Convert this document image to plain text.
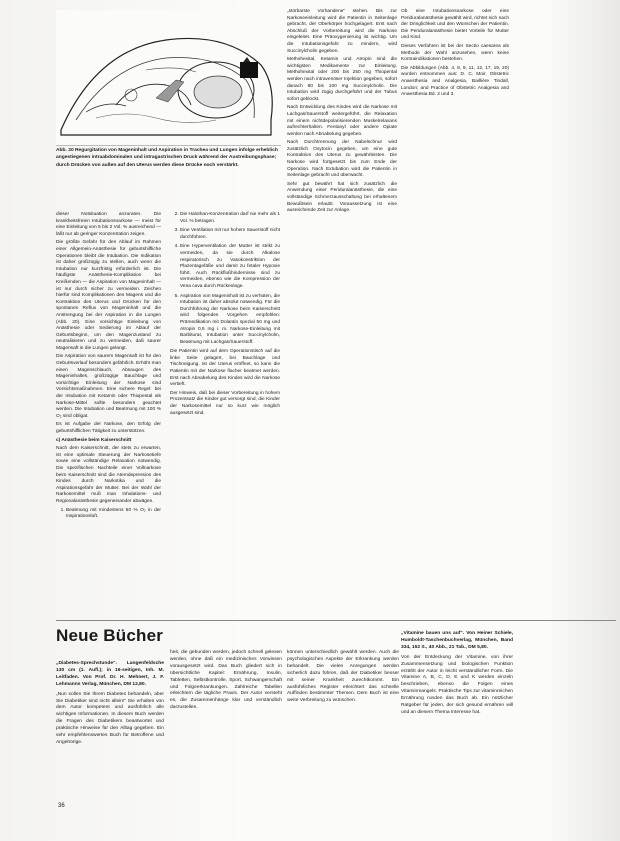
Abb. 20 Regurgitation von Mageninhalt und Aspiration in Trachea und Lungen infolge erheblich angestiegenen intraabdominalen und intragastrischen Druck während der Austreibungsphase; durch Drücken von außen auf den Uterus werden diese Drücke noch verstärkt.

dieser Notsituation anzuraten. Die krankheitsfreien Intubationsnarkose — meist für eine Einleitung von 5 bis 2 Vol. % ausreichend — läßt nur ab geringer Konzentration zeigen.

Die größte Gefahr für den Ablauf im Rahmen einer Allgemein-Anästhesie für geburtshilfliche Operationen bleibt die Intubation. Die Indikation ist daher großzügig zu stellen, auch wenn die Intubation nur kurzfristig erforderlich ist. Die häufigste Anästhesie-Komplikation bei Kreißenden — die Aspiration von Mageninhalt — ist nur durch sicher zu vermeiden. Zeichen hierfür sind Komplikationen des Magens und die Kontraktion des Uterus und Drücken für den spontanen Reflux von Mageninhalt und die Anstrengung bei der Aspiration in die Lungen (Abb. 20). Eine vorsichtige Einleitung von Anästhesie oder Sedierung im Ablauf der Geburtsbeginn, um den Magenzustand zu neutralisieren und zu vermeiden, daß saurer Magensaft in die Lungen gelangt.

Die Aspiration von saurem Magensaft ist für den Geburtsverlauf besonders gefährlich. Erhöht man einen Magenschlauch, Absaugen des Mageninhaltes, großzügige Bauchlage und vorsichtige Einleitung der Narkose sind Vorsichtsmaßnahmen. Eine sichere Regel: bei der Intubation mit Ketamin oder Thiopental als Narkose-Mittel sollte besonders geachtet werden. Die Intubation und Beatmung mit 100 % O₂ sind obligat.

Es ist Aufgabe der Narkose, den Erfolg der geburtshilflichen Tätigkeit zu unterstützen.

c) Anästhesie beim Kaiserschnitt

Nach dem Kaiserschnitt, der stets zu erwarten, ist eine optimale Steuerung der Narkosetiefe sowie eine vollständige Relaxation notwendig. Die spezifischen Nachteile einer Vollnarkose beim Kaiserschnitt sind die Atemdepression des Kindes durch Narkotika und die Aspirationsgefahr der Mutter. Bei der Wahl der Narkosemittel muß man Inhalations- und Regionalanästhesie gegeneinander abwägen.

1. Beatmung mit mindestens 50 % O₂ in der Inspirationsluft.
2. Die Halothan-Konzentration darf nie mehr als 1 Vol. % betragen.
3. Eine Ventilation mit nur hohem Sauerstoff nicht durchführen.
4. Eine Hyperventilation der Mutter ist strikt zu vermeiden, da sie durch Alkalose respiratorisch zu Vasokonstriktion der Plazentagefäße und damit zu fetaler Hypoxie führt. Auch Rückflußhindernisse sind zu vermeiden, ebenso wie die Kompression der Vena cava durch Rückenlage.
5. Aspiration von Mageninhalt ist zu verhüten, die Intubation ist daher absolut notwendig. Für die Durchführung der Narkose beim Kaiserschnitt wird folgendes Vorgehen empfohlen: Prämedikation mit Dolantin spezial 50 mg und Atropin 0,5 mg i. m. Narkose-Einleitung mit Barbiturat, Intubation unter Succinylcholin, Beatmung mit Lachgas/Sauerstoff.

Die Patientin wird auf dem Operationstisch auf die linke Seite gelagert, bei Bauchlage und Tischneigung. Ist der Uterus eröffnet, so kann die Patientin mit der Narkose flacher beatmet werden. Erst nach Abnabelung des Kindes wird die Narkose vertieft.

Der Hinweis, daß bei dieser Vorbereitung in hohem Prozentsatz die Kinder gut versorgt sind, die Kinder der Narkosemittel nur so kurz wie möglich ausgesetzt sind.

„störbarste Vorhandene“ stehen. Bis zur Narkoseeinleitung wird die Patientin in Seitenlage gebracht, der Oberkörper hochgelagert. Erst nach Abschluß der Vorbereitung wird die Narkose eingeleitet. Eine Präoxygenierung ist wichtig. Um die Intubationsgefahr zu mindern, wird Succinylcholin gegeben.

Methohexital, Ketamin und Atropin sind die wichtigsten Medikamente zur Einleitung. Methohexital oder 200 bis 250 mg Thiopental werden nach intravenöser Injektion gegeben, sofort danach 80 bis 100 mg Succinylcholin. Die Intubation wird zügig durchgeführt und der Tubus sofort geblockt.

Nach Entwicklung des Kindes wird die Narkose mit Lachgas/Sauerstoff weitergeführt, die Relaxation mit einem nichtdepolarisierenden Muskelrelaxans aufrechterhalten. Fentanyl oder andere Opiate werden nach Abnabelung gegeben.

Nach Durchtrennung der Nabelschnur wird zusätzlich Oxytocin gegeben, um eine gute Kontraktion des Uterus zu gewährleisten. Die Narkose wird fortgesetzt bis zum Ende der Operation. Nach Extubation wird die Patientin in Seitenlage gebracht und überwacht.

Sehr gut bewährt hat sich zusätzlich die Anwendung einer Periduralanästhesie, die eine vollständige Schmerzausschaltung bei erhaltenem Bewußtsein erlaubt. Voraussetzung ist eine ausreichende Zeit zur Anlage.

Ob eine Intubationsnarkose oder eine Periduralanästhesie gewählt wird, richtet sich nach der Dringlichkeit und den Wünschen der Patientin. Die Periduralanästhesie bietet Vorteile für Mutter und Kind.

Dieses Verfahren ist bei der Sectio caesarea als Methode der Wahl anzusehen, wenn keine Kontraindikationen bestehen.

Die Abbildungen (Abb. 4, 8, 9, 11, 12, 17, 19, 20) wurden entnommen aus: D. C. Moir, Obstetric Anaesthesia and Analgesia, Baillière Tindall, London; and Practice of Obstetric Analgesia and Anaesthesia Bd. 2 und 3.

Neue Bücher
„Diabetes-Sprechstunde“. Langenfeldsche 130 cm (1. Aufl.); in 16-seitigen, Inh. M. Leitfaden. Von Prof. Dr. H. Mehnert, J. F. Lehmanns Verlag, München, DM 12,80.
„Nun sollen Sie Ihrem Diabetes behandeln, aber Sie Diabetiker sind nicht allein!“ Sie erhalten von dem Autor kompetent und ausführlich alle wichtigen Informationen. In diesem Buch werden die Fragen des Diabetikers beantwortet und praktische Hinweise für den Alltag gegeben. Ein sehr empfehlenswertes Buch für Betroffene und Angehörige.
heit, die gebunden werden, jedoch schnell gelesen werden, ohne daß ein medizinisches Vorwissen vorausgesetzt wird. Das Buch gliedert sich in übersichtliche Kapitel: Ernährung, Insulin, Tabletten, Selbstkontrolle, Sport, Schwangerschaft und Folgeerkrankungen. Zahlreiche Tabellen erleichtern die tägliche Praxis. Der Autor versteht es, die Zusammenhänge klar und verständlich darzustellen.
können unterschiedlich gewählt werden. Auch die psychologischen Aspekte der Erkrankung werden behandelt. Die vielen Anregungen werden sicherlich dazu führen, daß der Diabetiker besser mit seiner Krankheit zurechtkommt. Ein ausführliches Register erleichtert das schnelle Auffinden bestimmter Themen. Dem Buch ist eine weite Verbreitung zu wünschen.
„Vitamine bauen uns auf“. Von Heiner Schiele, Humboldt-Taschenbuchverlag, München, Band 334, 152 S., 40 Abb., 21 Tab., DM 5,80.
Von der Entdeckung der Vitamine, von ihrer Zusammensetzung und biologischen Funktion erzählt der Autor in leicht verständlicher Form. Die Vitamine A, B, C, D, E und K werden einzeln beschrieben, ebenso die Folgen eines Vitaminmangels. Praktische Tips zur vitaminreichen Ernährung runden das Buch ab. Ein nützlicher Ratgeber für jeden, der sich gesund ernähren will und an diesem Thema Interesse hat.
36
